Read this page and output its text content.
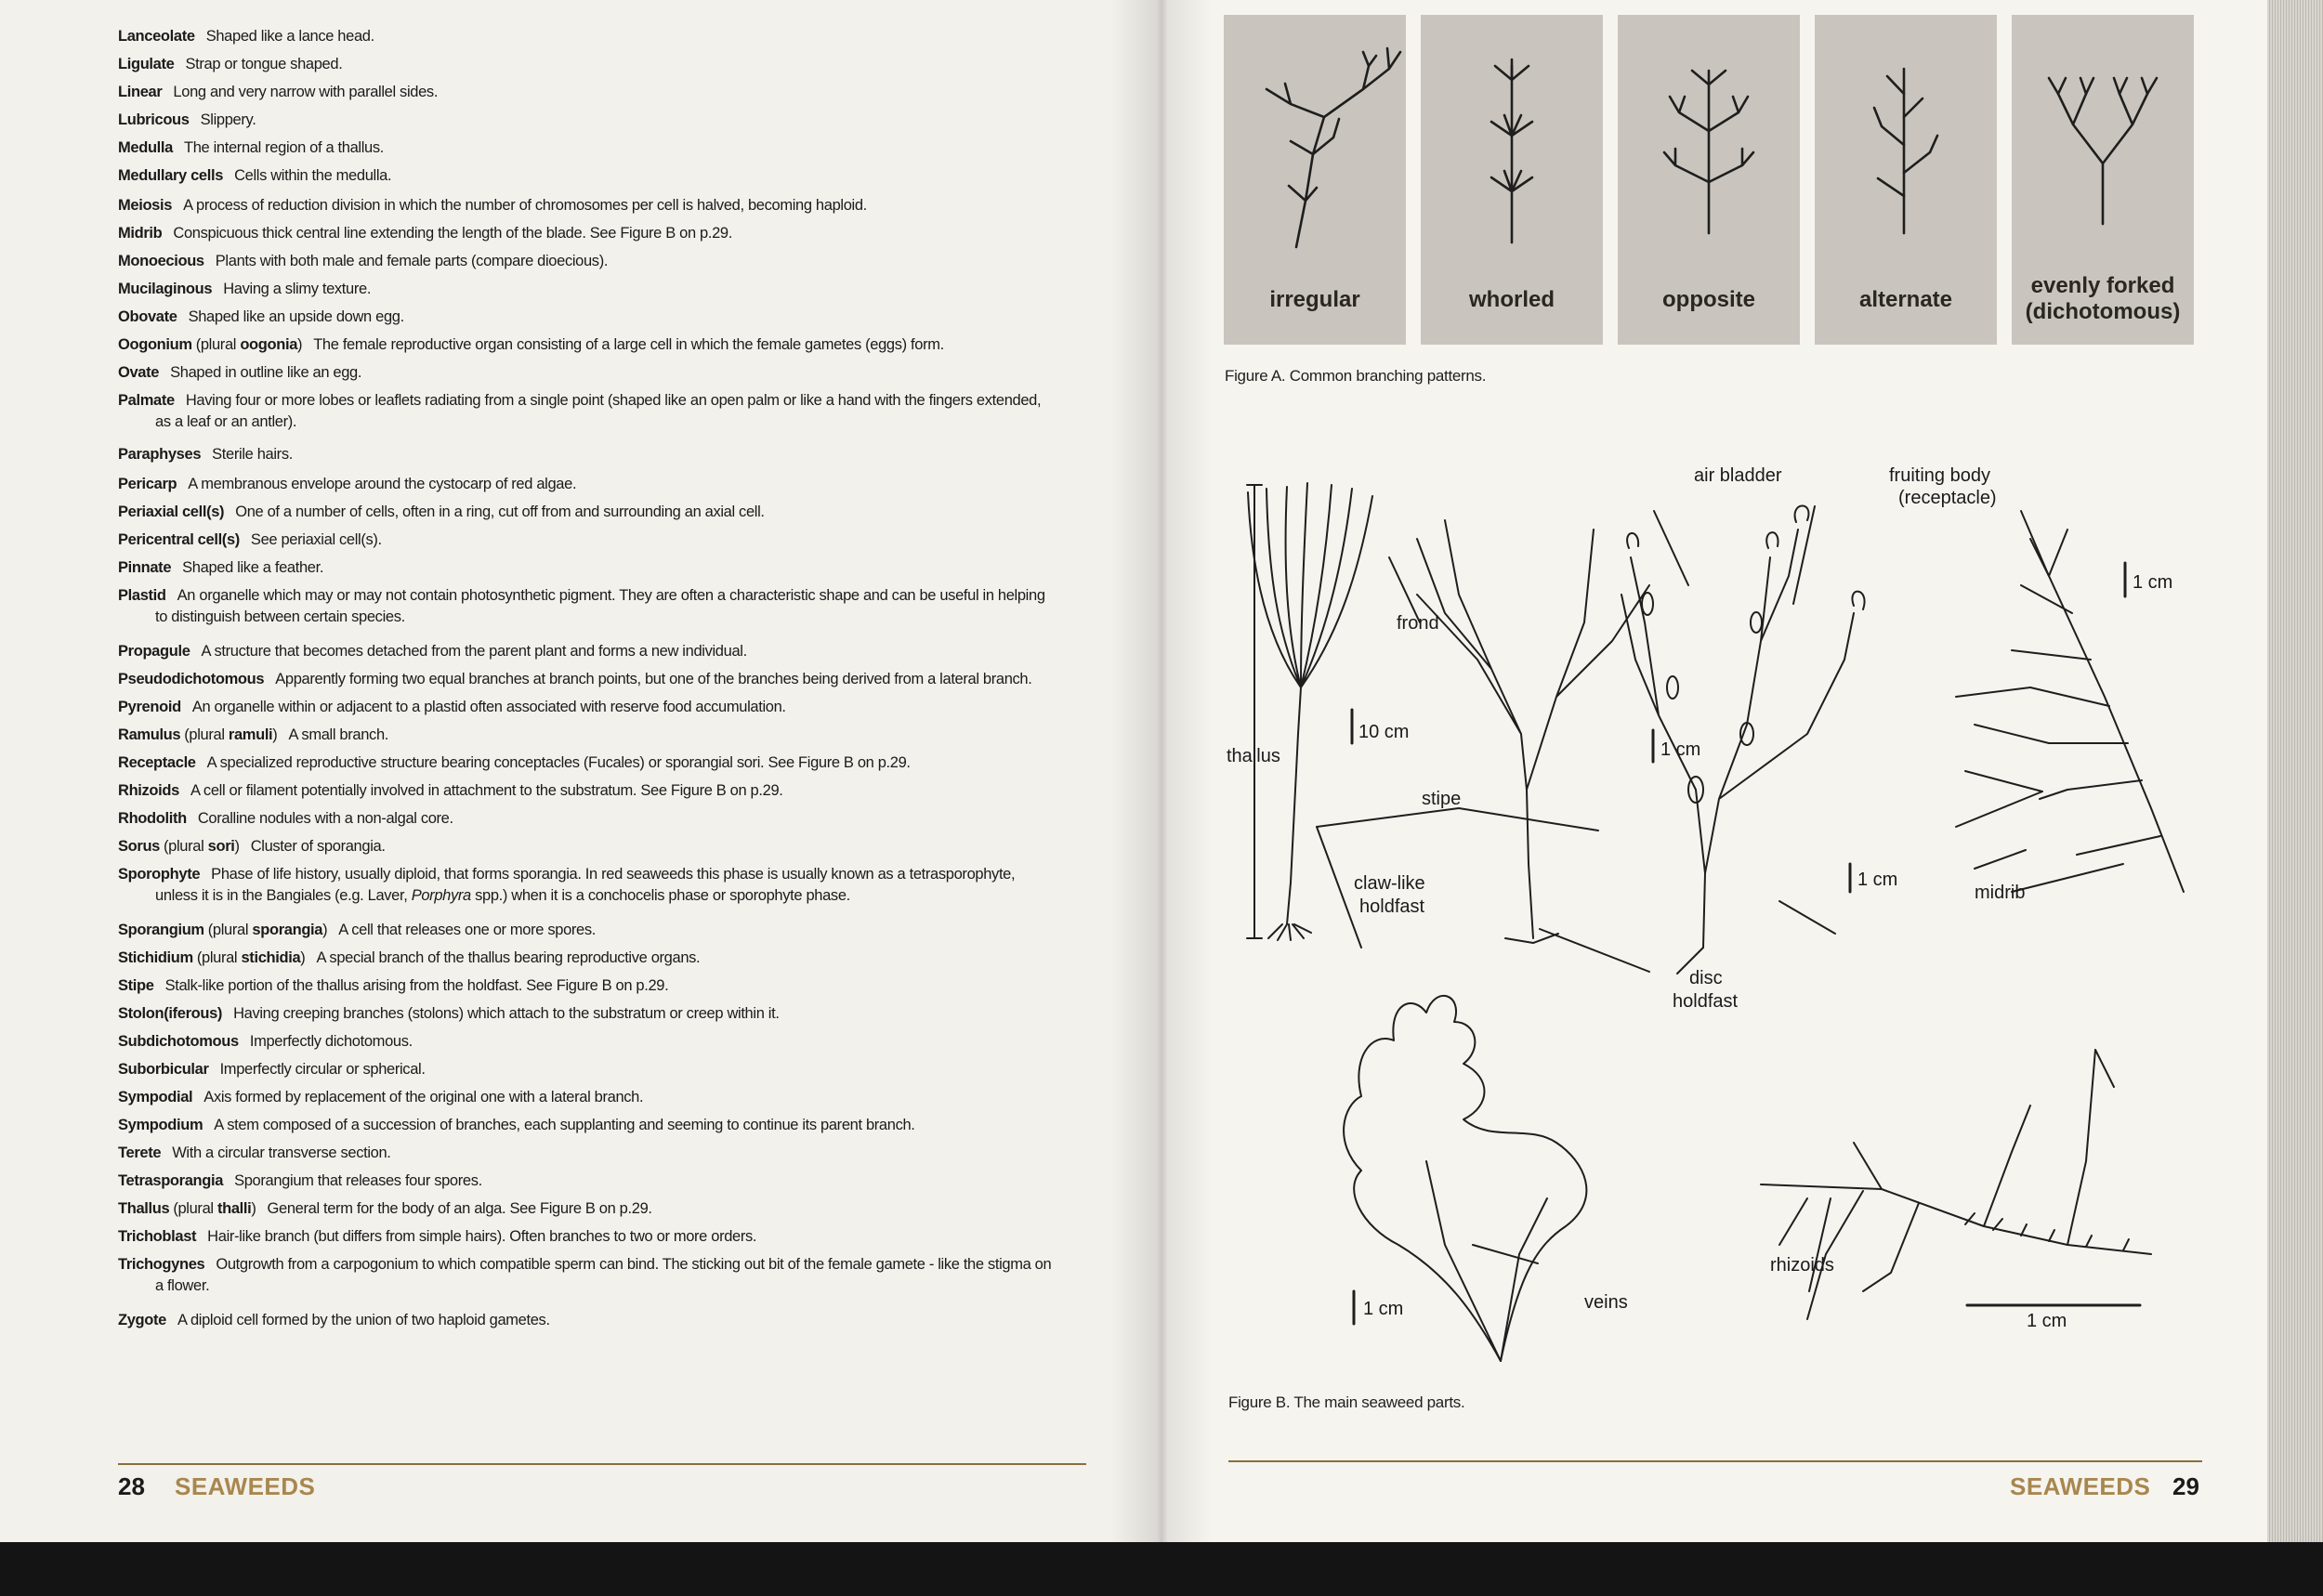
Lanceolate Shaped like a lance head.
Ligulate Strap or tongue shaped.
Linear Long and very narrow with parallel sides.
Lubricous Slippery.
Medulla The internal region of a thallus.
Medullary cells Cells within the medulla.
Meiosis A process of reduction division in which the number of chromosomes per cell is halved, becoming haploid.
Midrib Conspicuous thick central line extending the length of the blade. See Figure B on p.29.
Monoecious Plants with both male and female parts (compare dioecious).
Mucilaginous Having a slimy texture.
Obovate Shaped like an upside down egg.
Oogonium (plural oogonia) The female reproductive organ consisting of a large cell in which the female gametes (eggs) form.
Ovate Shaped in outline like an egg.
Palmate Having four or more lobes or leaflets radiating from a single point (shaped like an open palm or like a hand with the fingers extended,
as a leaf or an antler).
Paraphyses Sterile hairs.
Pericarp A membranous envelope around the cystocarp of red algae.
Periaxial cell(s) One of a number of cells, often in a ring, cut off from and surrounding an axial cell.
Pericentral cell(s) See periaxial cell(s).
Pinnate Shaped like a feather.
Plastid An organelle which may or may not contain photosynthetic pigment. They are often a characteristic shape and can be useful in helping
to distinguish between certain species.
Propagule A structure that becomes detached from the parent plant and forms a new individual.
Pseudodichotomous Apparently forming two equal branches at branch points, but one of the branches being derived from a lateral branch.
Pyrenoid An organelle within or adjacent to a plastid often associated with reserve food accumulation.
Ramulus (plural ramuli) A small branch.
Receptacle A specialized reproductive structure bearing conceptacles (Fucales) or sporangial sori. See Figure B on p.29.
Rhizoids A cell or filament potentially involved in attachment to the substratum. See Figure B on p.29.
Rhodolith Coralline nodules with a non-algal core.
Sorus (plural sori) Cluster of sporangia.
Sporophyte Phase of life history, usually diploid, that forms sporangia. In red seaweeds this phase is usually known as a tetrasporophyte,
unless it is in the Bangiales (e.g. Laver, Porphyra spp.) when it is a conchocelis phase or sporophyte phase.
Sporangium (plural sporangia) A cell that releases one or more spores.
Stichidium (plural stichidia) A special branch of the thallus bearing reproductive organs.
Stipe Stalk-like portion of the thallus arising from the holdfast. See Figure B on p.29.
Stolon(iferous) Having creeping branches (stolons) which attach to the substratum or creep within it.
Subdichotomous Imperfectly dichotomous.
Suborbicular Imperfectly circular or spherical.
Sympodial Axis formed by replacement of the original one with a lateral branch.
Sympodium A stem composed of a succession of branches, each supplanting and seeming to continue its parent branch.
Terete With a circular transverse section.
Tetrasporangia Sporangium that releases four spores.
Thallus (plural thalli) General term for the body of an alga. See Figure B on p.29.
Trichoblast Hair-like branch (but differs from simple hairs). Often branches to two or more orders.
Trichogynes Outgrowth from a carpogonium to which compatible sperm can bind. The sticking out bit of the female gamete - like the stigma on
a flower.
Zygote A diploid cell formed by the union of two haploid gametes.
28 SEAWEEDS
irregular	whorled	opposite	alternate
evenly forked
(dichotomous)
Figure A. Common branching patterns.
frond
thallus
stipe
claw-like
holdfast
air bladder	fruiting body
(receptacle)
disc
holdfast
midrib
veins
rhizoids
10 cm
1 cm
1 cm
1 cm
1 cm
1 cm
Figure B. The main seaweed parts.
SEAWEEDS 29
